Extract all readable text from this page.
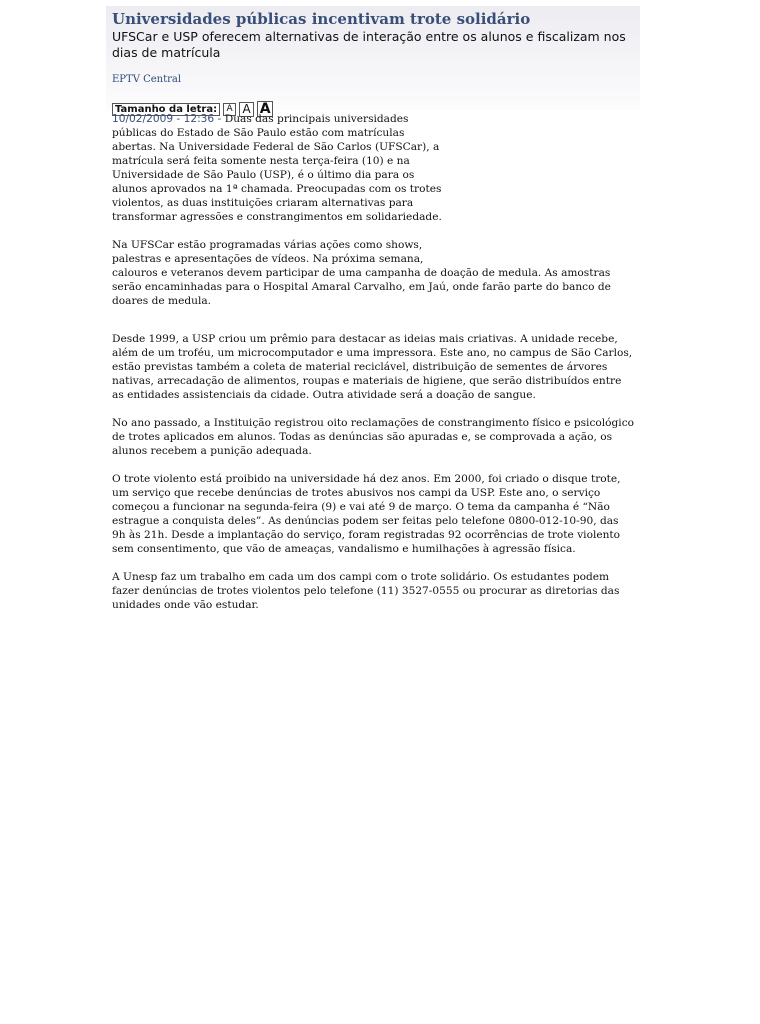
Universidades públicas incentivam trote solidário

UFSCar e USP oferecem alternativas de interação entre os alunos e fiscalizam nos dias de matrícula

EPTV Central
Tamanho da letra:	A A A

10/02/2009 - 12:36 - Duas das principais universidades públicas do Estado de São Paulo estão com matrículas abertas. Na Universidade Federal de São Carlos (UFSCar), a matrícula será feita somente nesta terça-feira (10) e na Universidade de São Paulo (USP), é o último dia para os alunos aprovados na 1ª chamada. Preocupadas com os trotes violentos, as duas instituições criaram alternativas para transformar agressões e constrangimentos em solidariedade.

Na UFSCar estão programadas várias ações como shows, palestras e apresentações de vídeos. Na próxima semana,
calouros e veteranos devem participar de uma campanha de doação de medula. As amostras serão encaminhadas para o Hospital Amaral Carvalho, em Jaú, onde farão parte do banco de doares de medula.

Desde 1999, a USP criou um prêmio para destacar as ideias mais criativas. A unidade recebe, além de um troféu, um microcomputador e uma impressora. Este ano, no campus de São Carlos, estão previstas também a coleta de material reciclável, distribuição de sementes de árvores nativas, arrecadação de alimentos, roupas e materiais de higiene, que serão distribuídos entre as entidades assistenciais da cidade. Outra atividade será a doação de sangue.

No ano passado, a Instituição registrou oito reclamações de constrangimento físico e psicológico de trotes aplicados em alunos. Todas as denúncias são apuradas e, se comprovada a ação, os alunos recebem a punição adequada.

O trote violento está proibido na universidade há dez anos. Em 2000, foi criado o disque trote, um serviço que recebe denúncias de trotes abusivos nos campi da USP. Este ano, o serviço começou a funcionar na segunda-feira (9) e vai até 9 de março. O tema da campanha é “Não estrague a conquista deles”. As denúncias podem ser feitas pelo telefone 0800-012-10-90, das 9h às 21h. Desde a implantação do serviço, foram registradas 92 ocorrências de trote violento sem consentimento, que vão de ameaças, vandalismo e humilhações à agressão física.

A Unesp faz um trabalho em cada um dos campi com o trote solidário. Os estudantes podem fazer denúncias de trotes violentos pelo telefone (11) 3527-0555 ou procurar as diretorias das unidades onde vão estudar.
